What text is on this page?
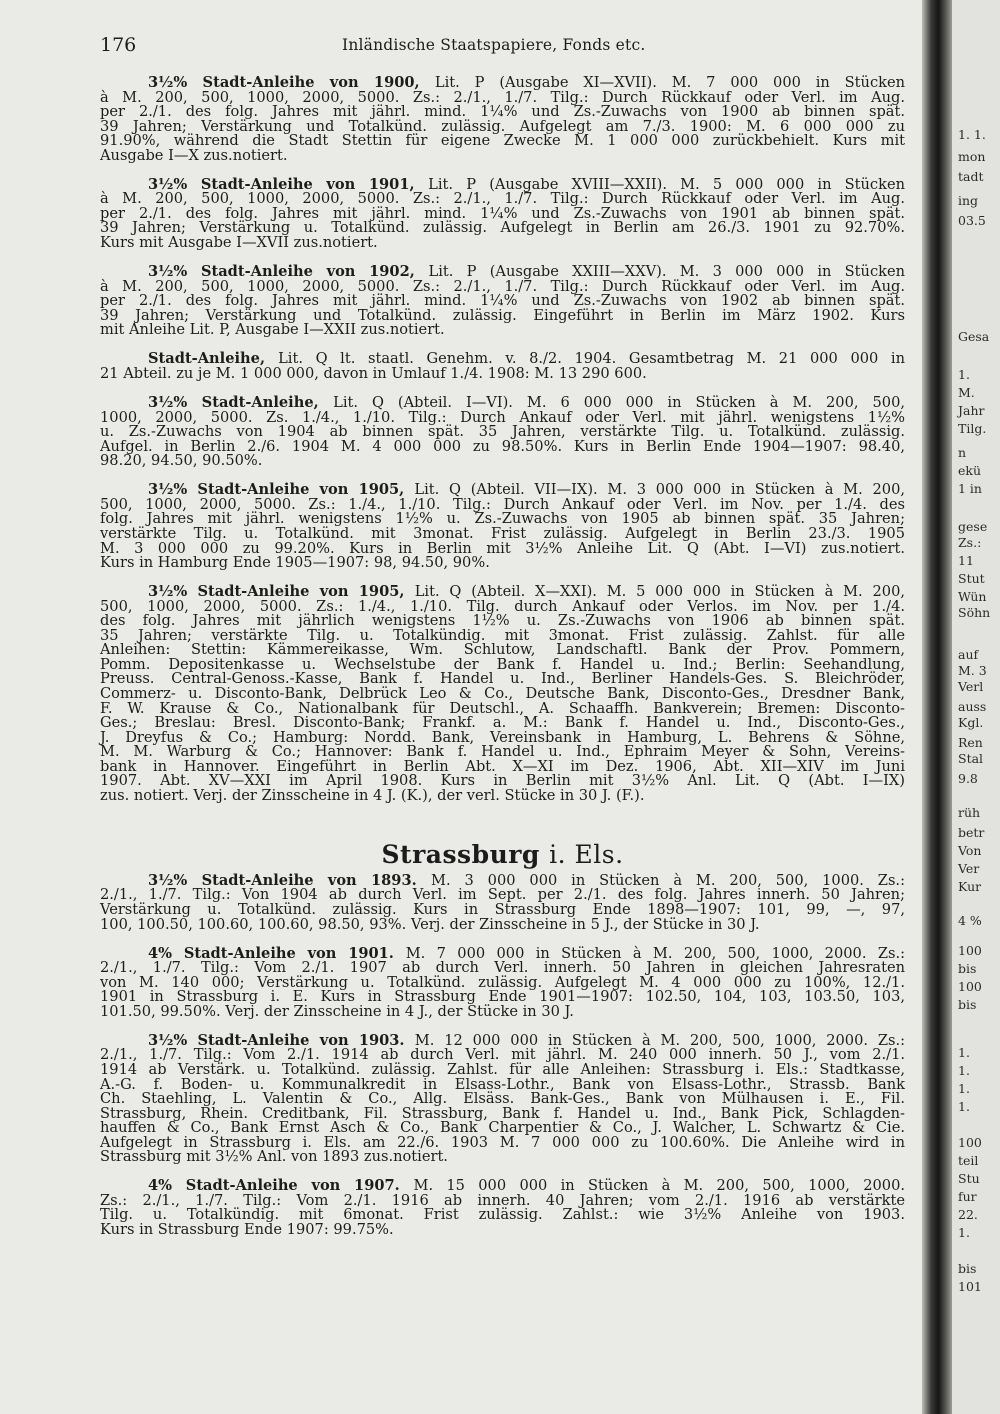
176	Inländische Staatspapiere, Fonds etc.
3½% Stadt-Anleihe von 1900, Lit. P (Ausgabe XI—XVII). M. 7 000 000 in Stücken
à M. 200, 500, 1000, 2000, 5000. Zs.: 2./1., 1./7. Tilg.: Durch Rückkauf oder Verl. im Aug.
per 2./1. des folg. Jahres mit jährl. mind. 1¼% und Zs.-Zuwachs von 1900 ab binnen spät.
39 Jahren; Verstärkung und Totalkünd. zulässig. Aufgelegt am 7./3. 1900: M. 6 000 000 zu
91.90%, während die Stadt Stettin für eigene Zwecke M. 1 000 000 zurückbehielt. Kurs mit
Ausgabe I—X zus.notiert.
3½% Stadt-Anleihe von 1901, Lit. P (Ausgabe XVIII—XXII). M. 5 000 000 in Stücken
à M. 200, 500, 1000, 2000, 5000. Zs.: 2./1., 1./7. Tilg.: Durch Rückkauf oder Verl. im Aug.
per 2./1. des folg. Jahres mit jährl. mind. 1¼% und Zs.-Zuwachs von 1901 ab binnen spät.
39 Jahren; Verstärkung u. Totalkünd. zulässig. Aufgelegt in Berlin am 26./3. 1901 zu 92.70%.
Kurs mit Ausgabe I—XVII zus.notiert.
3½% Stadt-Anleihe von 1902, Lit. P (Ausgabe XXIII—XXV). M. 3 000 000 in Stücken
à M. 200, 500, 1000, 2000, 5000. Zs.: 2./1., 1./7. Tilg.: Durch Rückkauf oder Verl. im Aug.
per 2./1. des folg. Jahres mit jährl. mind. 1¼% und Zs.-Zuwachs von 1902 ab binnen spät.
39 Jahren; Verstärkung und Totalkünd. zulässig. Eingeführt in Berlin im März 1902. Kurs
mit Anleihe Lit. P, Ausgabe I—XXII zus.notiert.
Stadt-Anleihe, Lit. Q lt. staatl. Genehm. v. 8./2. 1904. Gesamtbetrag M. 21 000 000 in
21 Abteil. zu je M. 1 000 000, davon in Umlauf 1./4. 1908: M. 13 290 600.
3½% Stadt-Anleihe, Lit. Q (Abteil. I—VI). M. 6 000 000 in Stücken à M. 200, 500,
1000, 2000, 5000. Zs. 1./4., 1./10. Tilg.: Durch Ankauf oder Verl. mit jährl. wenigstens 1½%
u. Zs.-Zuwachs von 1904 ab binnen spät. 35 Jahren, verstärkte Tilg. u. Totalkünd. zulässig.
Aufgel. in Berlin 2./6. 1904 M. 4 000 000 zu 98.50%. Kurs in Berlin Ende 1904—1907: 98.40,
98.20, 94.50, 90.50%.
3½% Stadt-Anleihe von 1905, Lit. Q (Abteil. VII—IX). M. 3 000 000 in Stücken à M. 200,
500, 1000, 2000, 5000. Zs.: 1./4., 1./10. Tilg.: Durch Ankauf oder Verl. im Nov. per 1./4. des
folg. Jahres mit jährl. wenigstens 1½% u. Zs.-Zuwachs von 1905 ab binnen spät. 35 Jahren;
verstärkte Tilg. u. Totalkünd. mit 3monat. Frist zulässig. Aufgelegt in Berlin 23./3. 1905
M. 3 000 000 zu 99.20%. Kurs in Berlin mit 3½% Anleihe Lit. Q (Abt. I—VI) zus.notiert.
Kurs in Hamburg Ende 1905—1907: 98, 94.50, 90%.
3½% Stadt-Anleihe von 1905, Lit. Q (Abteil. X—XXI). M. 5 000 000 in Stücken à M. 200,
500, 1000, 2000, 5000. Zs.: 1./4., 1./10. Tilg. durch Ankauf oder Verlos. im Nov. per 1./4.
des folg. Jahres mit jährlich wenigstens 1½% u. Zs.-Zuwachs von 1906 ab binnen spät.
35 Jahren; verstärkte Tilg. u. Totalkündig. mit 3monat. Frist zulässig. Zahlst. für alle
Anleihen: Stettin: Kämmereikasse, Wm. Schlutow, Landschaftl. Bank der Prov. Pommern,
Pomm. Depositenkasse u. Wechselstube der Bank f. Handel u. Ind.; Berlin: Seehandlung,
Preuss. Central-Genoss.-Kasse, Bank f. Handel u. Ind., Berliner Handels-Ges. S. Bleichröder,
Commerz- u. Disconto-Bank, Delbrück Leo & Co., Deutsche Bank, Disconto-Ges., Dresdner Bank,
F. W. Krause & Co., Nationalbank für Deutschl., A. Schaaffh. Bankverein; Bremen: Disconto-
Ges.; Breslau: Bresl. Disconto-Bank; Frankf. a. M.: Bank f. Handel u. Ind., Disconto-Ges.,
J. Dreyfus & Co.; Hamburg: Nordd. Bank, Vereinsbank in Hamburg, L. Behrens & Söhne,
M. M. Warburg & Co.; Hannover: Bank f. Handel u. Ind., Ephraim Meyer & Sohn, Vereins-
bank in Hannover. Eingeführt in Berlin Abt. X—XI im Dez. 1906, Abt. XII—XIV im Juni
1907. Abt. XV—XXI im April 1908. Kurs in Berlin mit 3½% Anl. Lit. Q (Abt. I—IX)
zus. notiert. Verj. der Zinsscheine in 4 J. (K.), der verl. Stücke in 30 J. (F.).
Strassburg i. Els.
3½% Stadt-Anleihe von 1893. M. 3 000 000 in Stücken à M. 200, 500, 1000. Zs.:
2./1., 1./7. Tilg.: Von 1904 ab durch Verl. im Sept. per 2./1. des folg. Jahres innerh. 50 Jahren;
Verstärkung u. Totalkünd. zulässig. Kurs in Strassburg Ende 1898—1907: 101, 99, —, 97,
100, 100.50, 100.60, 100.60, 98.50, 93%. Verj. der Zinsscheine in 5 J., der Stücke in 30 J.
4% Stadt-Anleihe von 1901. M. 7 000 000 in Stücken à M. 200, 500, 1000, 2000. Zs.:
2./1., 1./7. Tilg.: Vom 2./1. 1907 ab durch Verl. innerh. 50 Jahren in gleichen Jahresraten
von M. 140 000; Verstärkung u. Totalkünd. zulässig. Aufgelegt M. 4 000 000 zu 100%, 12./1.
1901 in Strassburg i. E. Kurs in Strassburg Ende 1901—1907: 102.50, 104, 103, 103.50, 103,
101.50, 99.50%. Verj. der Zinsscheine in 4 J., der Stücke in 30 J.
3½% Stadt-Anleihe von 1903. M. 12 000 000 in Stücken à M. 200, 500, 1000, 2000. Zs.:
2./1., 1./7. Tilg.: Vom 2./1. 1914 ab durch Verl. mit jährl. M. 240 000 innerh. 50 J., vom 2./1.
1914 ab Verstärk. u. Totalkünd. zulässig. Zahlst. für alle Anleihen: Strassburg i. Els.: Stadtkasse,
A.-G. f. Boden- u. Kommunalkredit in Elsass-Lothr., Bank von Elsass-Lothr., Strassb. Bank
Ch. Staehling, L. Valentin & Co., Allg. Elsäss. Bank-Ges., Bank von Mülhausen i. E., Fil.
Strassburg, Rhein. Creditbank, Fil. Strassburg, Bank f. Handel u. Ind., Bank Pick, Schlagden-
hauffen & Co., Bank Ernst Asch & Co., Bank Charpentier & Co., J. Walcher, L. Schwartz & Cie.
Aufgelegt in Strassburg i. Els. am 22./6. 1903 M. 7 000 000 zu 100.60%. Die Anleihe wird in
Strassburg mit 3½% Anl. von 1893 zus.notiert.
4% Stadt-Anleihe von 1907. M. 15 000 000 in Stücken à M. 200, 500, 1000, 2000.
Zs.: 2./1., 1./7. Tilg.: Vom 2./1. 1916 ab innerh. 40 Jahren; vom 2./1. 1916 ab verstärkte
Tilg. u. Totalkündig. mit 6monat. Frist zulässig. Zahlst.: wie 3½% Anleihe von 1903.
Kurs in Strassburg Ende 1907: 99.75%.
1. 1.
mon
tadt
ing
03.5
Gesa
1.
M.
Jahr
Tilg.
n
ekü
1 in
gese
Zs.:
11
Stut
Wün
Söhn
auf
M. 3
Verl
auss
Kgl.
Ren
Stal
9.8
rüh
betr
Von
Ver
Kur
4 %
100
bis
100
bis
1.
1.
1.
1.
100
teil
Stu
fur
22.
1.
bis
101
